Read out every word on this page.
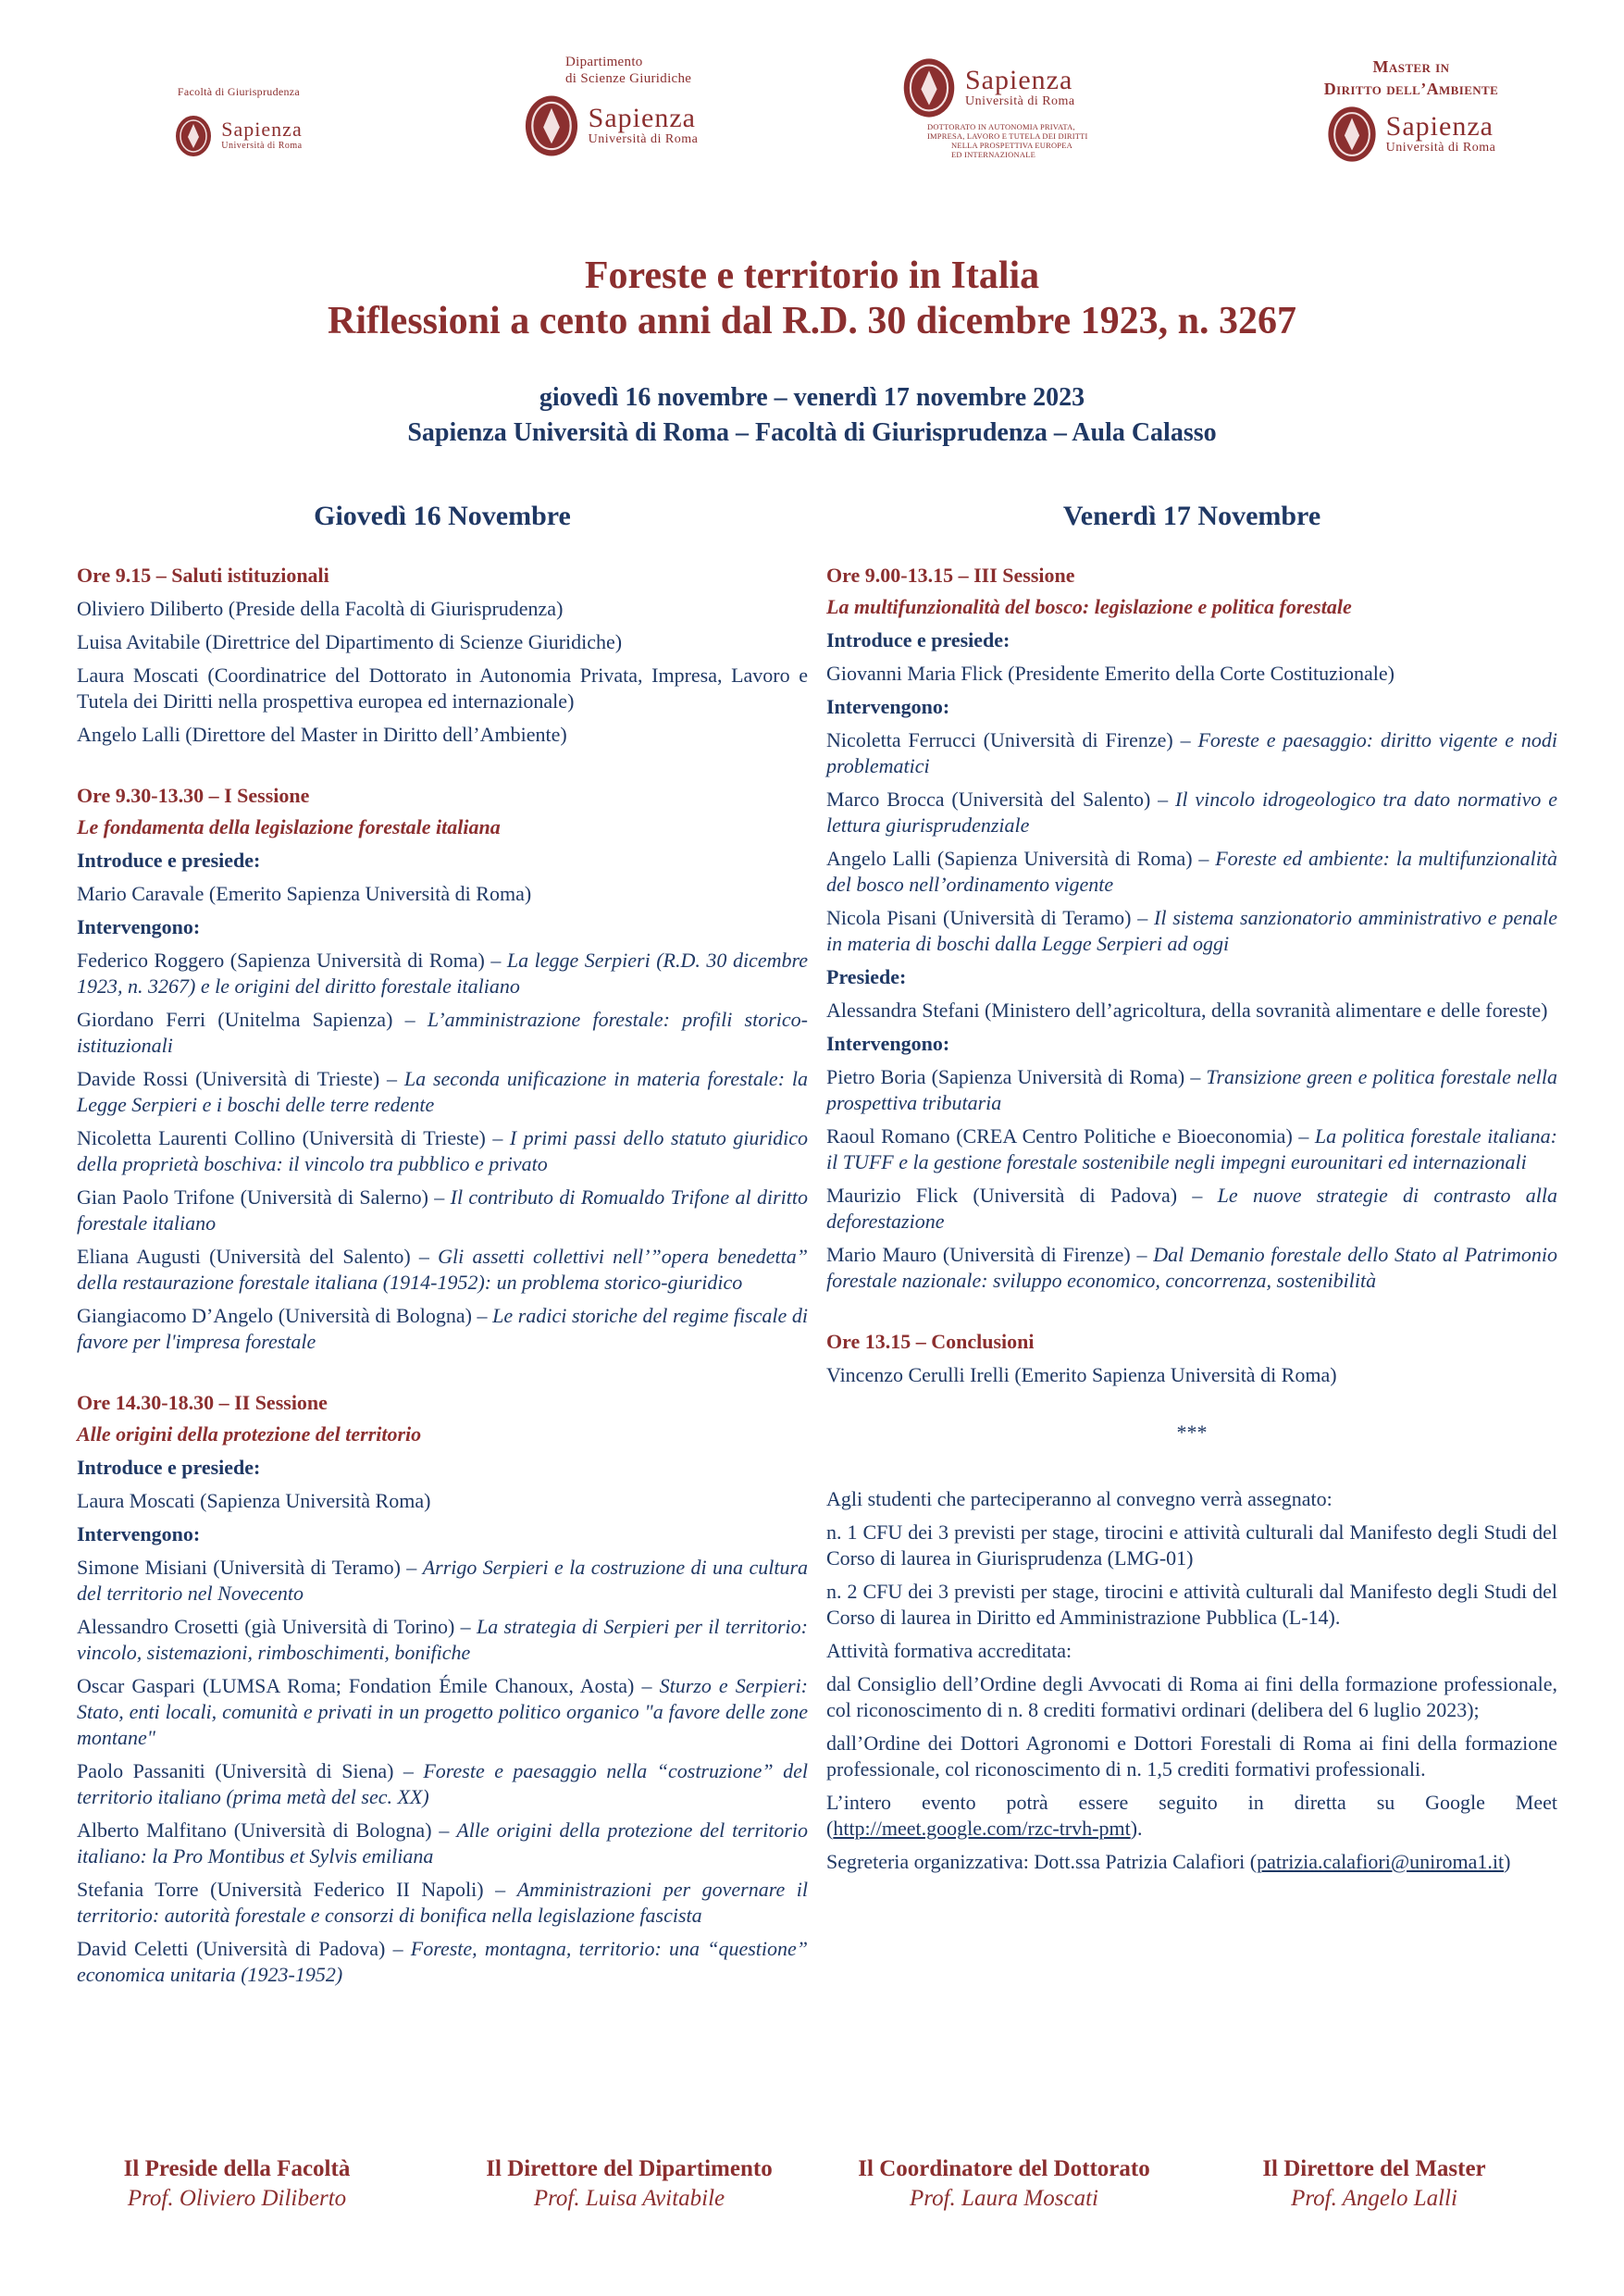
Facoltà di Giurisprudenza
Sapienza
Università di Roma
Dipartimento
di Scienze Giuridiche
Sapienza
Università di Roma
Sapienza
Università di Roma
DOTTORATO IN AUTONOMIA PRIVATA,
IMPRESA, LAVORO E TUTELA DEI DIRITTI
NELLA PROSPETTIVA EUROPEA
ED INTERNAZIONALE
Master in
Diritto dell’Ambiente
Sapienza
Università di Roma
Foreste e territorio in Italia
Riflessioni a cento anni dal R.D. 30 dicembre 1923, n. 3267
giovedì 16 novembre – venerdì 17 novembre 2023
Sapienza Università di Roma – Facoltà di Giurisprudenza – Aula Calasso
Giovedì 16 Novembre
Ore 9.15 – Saluti istituzionali
Oliviero Diliberto (Preside della Facoltà di Giurisprudenza)
Luisa Avitabile (Direttrice del Dipartimento di Scienze Giuridiche)
Laura Moscati (Coordinatrice del Dottorato in Autonomia Privata, Impresa, Lavoro e Tutela dei Diritti nella prospettiva europea ed internazionale)
Angelo Lalli (Direttore del Master in Diritto dell’Ambiente)
Ore 9.30-13.30 – I Sessione
Le fondamenta della legislazione forestale italiana
Introduce e presiede:
Mario Caravale (Emerito Sapienza Università di Roma)
Intervengono:
Federico Roggero (Sapienza Università di Roma) – La legge Serpieri (R.D. 30 dicembre 1923, n. 3267) e le origini del diritto forestale italiano
Giordano Ferri (Unitelma Sapienza) – L’amministrazione forestale: profili storico-istituzionali
Davide Rossi (Università di Trieste) – La seconda unificazione in materia forestale: la Legge Serpieri e i boschi delle terre redente
Nicoletta Laurenti Collino (Università di Trieste) – I primi passi dello statuto giuridico della proprietà boschiva: il vincolo tra pubblico e privato
Gian Paolo Trifone (Università di Salerno) – Il contributo di Romualdo Trifone al diritto forestale italiano
Eliana Augusti (Università del Salento) – Gli assetti collettivi nell’”opera benedetta” della restaurazione forestale italiana (1914-1952): un problema storico-giuridico
Giangiacomo D’Angelo (Università di Bologna) – Le radici storiche del regime fiscale di favore per l'impresa forestale
Ore 14.30-18.30 – II Sessione
Alle origini della protezione del territorio
Introduce e presiede:
Laura Moscati (Sapienza Università Roma)
Intervengono:
Simone Misiani (Università di Teramo) – Arrigo Serpieri e la costruzione di una cultura del territorio nel Novecento
Alessandro Crosetti (già Università di Torino) – La strategia di Serpieri per il territorio: vincolo, sistemazioni, rimboschimenti, bonifiche
Oscar Gaspari (LUMSA Roma; Fondation Émile Chanoux, Aosta) – Sturzo e Serpieri: Stato, enti locali, comunità e privati in un progetto politico organico "a favore delle zone montane"
Paolo Passaniti (Università di Siena) – Foreste e paesaggio nella “costruzione” del territorio italiano (prima metà del sec. XX)
Alberto Malfitano (Università di Bologna) – Alle origini della protezione del territorio italiano: la Pro Montibus et Sylvis emiliana
Stefania Torre (Università Federico II Napoli) – Amministrazioni per governare il territorio: autorità forestale e consorzi di bonifica nella legislazione fascista
David Celetti (Università di Padova) – Foreste, montagna, territorio: una “questione” economica unitaria (1923-1952)
Venerdì 17 Novembre
Ore 9.00-13.15 – III Sessione
La multifunzionalità del bosco: legislazione e politica forestale
Introduce e presiede:
Giovanni Maria Flick (Presidente Emerito della Corte Costituzionale)
Intervengono:
Nicoletta Ferrucci (Università di Firenze) – Foreste e paesaggio: diritto vigente e nodi problematici
Marco Brocca (Università del Salento) – Il vincolo idrogeologico tra dato normativo e lettura giurisprudenziale
Angelo Lalli (Sapienza Università di Roma) – Foreste ed ambiente: la multifunzionalità del bosco nell’ordinamento vigente
Nicola Pisani (Università di Teramo) – Il sistema sanzionatorio amministrativo e penale in materia di boschi dalla Legge Serpieri ad oggi
Presiede:
Alessandra Stefani (Ministero dell’agricoltura, della sovranità alimentare e delle foreste)
Intervengono:
Pietro Boria (Sapienza Università di Roma) – Transizione green e politica forestale nella prospettiva tributaria
Raoul Romano (CREA Centro Politiche e Bioeconomia) – La politica forestale italiana: il TUFF e la gestione forestale sostenibile negli impegni eurounitari ed internazionali
Maurizio Flick (Università di Padova) – Le nuove strategie di contrasto alla deforestazione
Mario Mauro (Università di Firenze) – Dal Demanio forestale dello Stato al Patrimonio forestale nazionale: sviluppo economico, concorrenza, sostenibilità
Ore 13.15 – Conclusioni
Vincenzo Cerulli Irelli (Emerito Sapienza Università di Roma)
***
Agli studenti che parteciperanno al convegno verrà assegnato:
n. 1 CFU dei 3 previsti per stage, tirocini e attività culturali dal Manifesto degli Studi del Corso di laurea in Giurisprudenza (LMG-01)
n. 2 CFU dei 3 previsti per stage, tirocini e attività culturali dal Manifesto degli Studi del Corso di laurea in Diritto ed Amministrazione Pubblica (L-14).
Attività formativa accreditata:
dal Consiglio dell’Ordine degli Avvocati di Roma ai fini della formazione professionale, col riconoscimento di n. 8 crediti formativi ordinari (delibera del 6 luglio 2023);
dall’Ordine dei Dottori Agronomi e Dottori Forestali di Roma ai fini della formazione professionale, col riconoscimento di n. 1,5 crediti formativi professionali.
L’intero evento potrà essere seguito in diretta su Google Meet (http://meet.google.com/rzc-trvh-pmt).
Segreteria organizzativa: Dott.ssa Patrizia Calafiori (patrizia.calafiori@uniroma1.it)
Il Preside della Facoltà
Prof. Oliviero Diliberto
Il Direttore del Dipartimento
Prof. Luisa Avitabile
Il Coordinatore del Dottorato
Prof. Laura Moscati
Il Direttore del Master
Prof. Angelo Lalli
